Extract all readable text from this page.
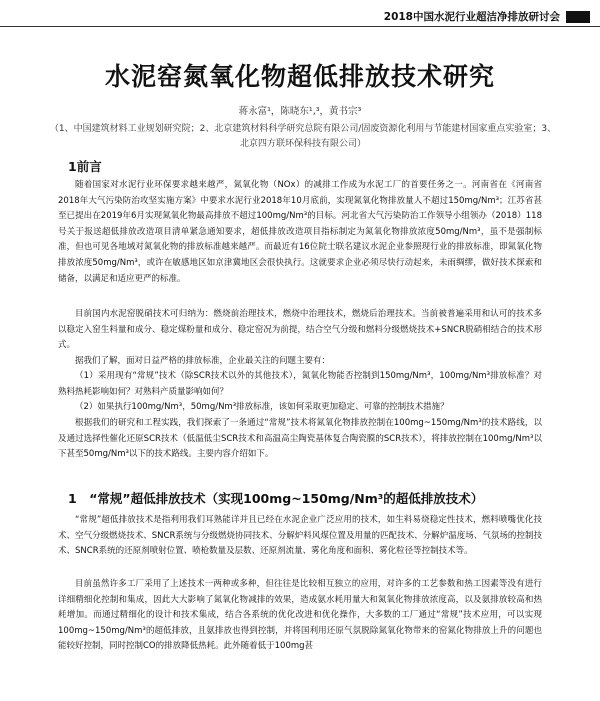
2018中国水泥行业超洁净排放研讨会
水泥窑氮氧化物超低排放技术研究
蒋永富¹，陈晓东¹,³，黄书宗³
（1、中国建筑材料工业规划研究院；2、北京建筑材料科学研究总院有限公司/固废资源化利用与节能建材国家重点实验室；3、北京四方联环保科技有限公司）
1前言

随着国家对水泥行业环保要求越来越严，氮氧化物（NOx）的减排工作成为水泥工厂的首要任务之一。河南省在《河南省2018年大气污染防治攻坚实施方案》中要求水泥行业2018年10月底前，实现氮氧化物排放量人不超过150mg/Nm³；江苏省甚至已提出在2019年6月实现氮氧化物最高排放不超过100mg/Nm³的目标。河北省大气污染防治工作领导小组领办（2018）118号关于报送超低排放改造项目清单紧急通知要求，超低排放改造项目指标制定为氮氧化物排放浓度50mg/Nm³，虽不是强制标准，但也可见各地域对氮氧化物的排放标准越来越严。而最近有16位院士联名建议水泥企业参照现行业的排放标准，即氮氧化物排放浓度50mg/Nm³，或许在敏感地区如京津冀地区会很快执行。这就要求企业必须尽快行动起来，未雨绸缪，做好技术探索和储备，以满足和适应更严的标准。

目前国内水泥窑脱硝技术可归纳为：燃烧前治理技术，燃烧中治理技术，燃烧后治理技术。当前被普遍采用和认可的技术多以稳定入窑生料量和成分、稳定煤粉量和成分、稳定窑况为前提，结合空气分级和燃料分级燃烧技术+SNCR脱硝相结合的技术形式。

据我们了解，面对日益严格的排放标准，企业最关注的问题主要有：

（1）采用现有“常规”技术（除SCR技术以外的其他技术），氮氧化物能否控制到150mg/Nm³，100mg/Nm³排放标准？对熟料热耗影响如何？对熟料产质量影响如何？

（2）如果执行100mg/Nm³，50mg/Nm³排放标准，该如何采取更加稳定、可靠的控制技术措施？

根据我们的研究和工程实践，我们探索了一条通过“常规”技术将氮氧化物排放控制在100mg~150mg/Nm³的技术路线，以及通过选择性催化还原SCR技术（低温低尘SCR技术和高温高尘陶瓷基体复合陶瓷膜的SCR技术），将排放控制在100mg/Nm³以下甚至50mg/Nm³以下的技术路线。主要内容介绍如下。

1　“常规”超低排放技术（实现100mg~150mg/Nm³的超低排放技术）

“常规”超低排放技术是指利用我们耳熟能详并且已经在水泥企业广泛应用的技术，如生料易烧稳定性技术，燃料喷嘴优化技术、空气分级燃烧技术、SNCR系统与分级燃烧协同技术、分解炉料风煤位置及用量的匹配技术、分解炉温度场、气氛场的控制技术、SNCR系统的还原剂喷射位置、喷枪数量及层数、还原剂流量、雾化角度和面积、雾化粒径等控制技术等。

目前虽然许多工厂采用了上述技术一两种或多种，但往往是比较相互独立的应用，对许多的工艺参数和热工因素等没有进行详细精细化控制和集成，因此大大影响了氮氧化物减排的效果，造成氨水耗用量大和氮氧化物排放浓度高，以及氨排放较高和热耗增加。而通过精细化的设计和技术集成，结合各系统的优化改进和优化操作，大多数的工厂通过“常规”技术应用，可以实现100mg~150mg/Nm³的超低排放，且氨排放也得到控制，并将国利用还原气氛脱除氮氧化物带来的窑氮化物排放上升的问题也能较好控制，同时控制CO的排放降低热耗。此外随着低于100mg甚
